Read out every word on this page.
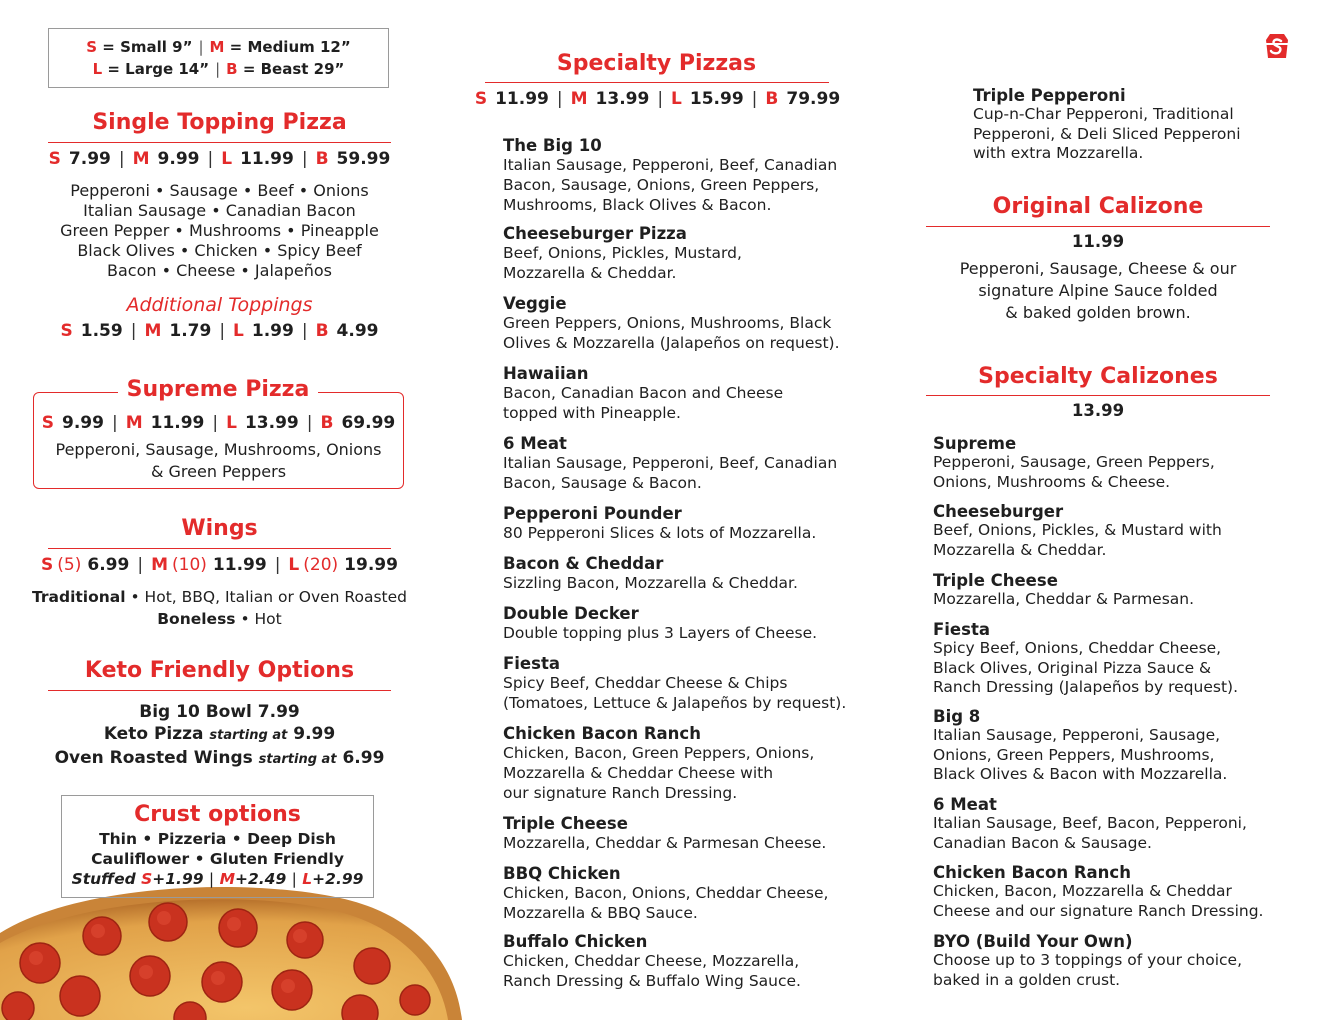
S = Small 9” | M = Medium 12”
L = Large 14” | B = Beast 29”
Single Topping Pizza
S 7.99 | M 9.99 | L 11.99 | B 59.99
Pepperoni • Sausage • Beef • Onions
Italian Sausage • Canadian Bacon
Green Pepper • Mushrooms • Pineapple
Black Olives • Chicken • Spicy Beef
Bacon • Cheese • Jalapeños
Additional Toppings
S 1.59 | M 1.79 | L 1.99 | B 4.99
Supreme Pizza
S 9.99 | M 11.99 | L 13.99 | B 69.99
Pepperoni, Sausage, Mushrooms, Onions
& Green Peppers
Wings
S (5) 6.99 | M (10) 11.99 | L (20) 19.99
Traditional • Hot, BBQ, Italian or Oven Roasted
Boneless • Hot
Keto Friendly Options
Big 10 Bowl 7.99
Keto Pizza starting at 9.99
Oven Roasted Wings starting at 6.99
Crust options
Thin • Pizzeria • Deep Dish
Cauliflower • Gluten Friendly
Stuffed S+1.99 | M+2.49 | L+2.99
Specialty Pizzas
S 11.99 | M 13.99 | L 15.99 | B 79.99
The Big 10
Italian Sausage, Pepperoni, Beef, Canadian
Bacon, Sausage, Onions, Green Peppers,
Mushrooms, Black Olives & Bacon.
Cheeseburger Pizza
Beef, Onions, Pickles, Mustard,
Mozzarella & Cheddar.
Veggie
Green Peppers, Onions, Mushrooms, Black
Olives & Mozzarella (Jalapeños on request).
Hawaiian
Bacon, Canadian Bacon and Cheese
topped with Pineapple.
6 Meat
Italian Sausage, Pepperoni, Beef, Canadian
Bacon, Sausage & Bacon.
Pepperoni Pounder
80 Pepperoni Slices & lots of Mozzarella.
Bacon & Cheddar
Sizzling Bacon, Mozzarella & Cheddar.
Double Decker
Double topping plus 3 Layers of Cheese.
Fiesta
Spicy Beef, Cheddar Cheese & Chips
(Tomatoes, Lettuce & Jalapeños by request).
Chicken Bacon Ranch
Chicken, Bacon, Green Peppers, Onions,
Mozzarella & Cheddar Cheese with
our signature Ranch Dressing.
Triple Cheese
Mozzarella, Cheddar & Parmesan Cheese.
BBQ Chicken
Chicken, Bacon, Onions, Cheddar Cheese,
Mozzarella & BBQ Sauce.
Buffalo Chicken
Chicken, Cheddar Cheese, Mozzarella,
Ranch Dressing & Buffalo Wing Sauce.
Triple Pepperoni
Cup-n-Char Pepperoni, Traditional
Pepperoni, & Deli Sliced Pepperoni
with extra Mozzarella.
Original Calizone
11.99
Pepperoni, Sausage, Cheese & our
signature Alpine Sauce folded
& baked golden brown.
Specialty Calizones
13.99
Supreme
Pepperoni, Sausage, Green Peppers,
Onions, Mushrooms & Cheese.
Cheeseburger
Beef, Onions, Pickles, & Mustard with
Mozzarella & Cheddar.
Triple Cheese
Mozzarella, Cheddar & Parmesan.
Fiesta
Spicy Beef, Onions, Cheddar Cheese,
Black Olives, Original Pizza Sauce &
Ranch Dressing (Jalapeños by request).
Big 8
Italian Sausage, Pepperoni, Sausage,
Onions, Green Peppers, Mushrooms,
Black Olives & Bacon with Mozzarella.
6 Meat
Italian Sausage, Beef, Bacon, Pepperoni,
Canadian Bacon & Sausage.
Chicken Bacon Ranch
Chicken, Bacon, Mozzarella & Cheddar
Cheese and our signature Ranch Dressing.
BYO (Build Your Own)
Choose up to 3 toppings of your choice,
baked in a golden crust.
